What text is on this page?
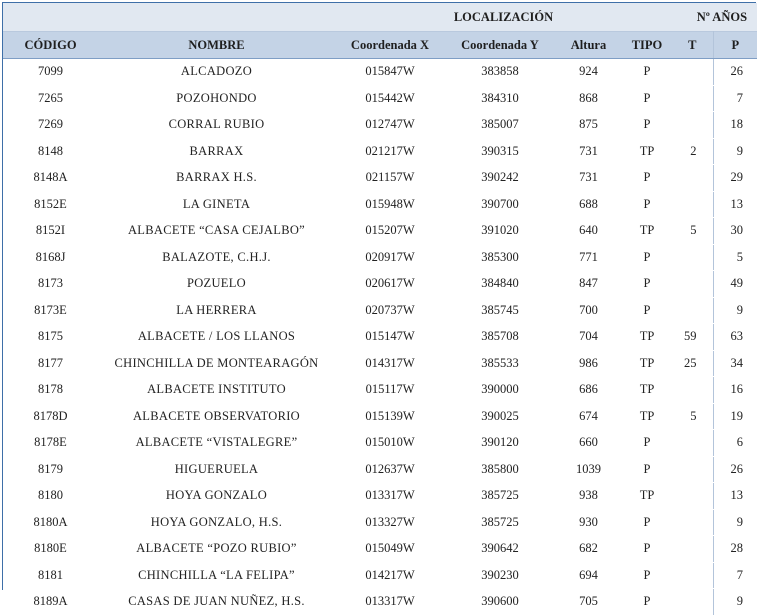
		LOCALIZACIÓN				Nº AÑOS	
CÓDIGO	NOMBRE	Coordenada X	Coordenada Y	Altura	TIPO	T	P
7099	ALCADOZO	015847W	383858	924	P		26
7265	POZOHONDO	015442W	384310	868	P		7
7269	CORRAL RUBIO	012747W	385007	875	P		18
8148	BARRAX	021217W	390315	731	TP	2	9
8148A	BARRAX H.S.	021157W	390242	731	P		29
8152E	LA GINETA	015948W	390700	688	P		13
8152I	ALBACETE “CASA CEJALBO”	015207W	391020	640	TP	5	30
8168J	BALAZOTE, C.H.J.	020917W	385300	771	P		5
8173	POZUELO	020617W	384840	847	P		49
8173E	LA HERRERA	020737W	385745	700	P		9
8175	ALBACETE / LOS LLANOS	015147W	385708	704	TP	59	63
8177	CHINCHILLA DE MONTEARAGÓN	014317W	385533	986	TP	25	34
8178	ALBACETE INSTITUTO	015117W	390000	686	TP		16
8178D	ALBACETE OBSERVATORIO	015139W	390025	674	TP	5	19
8178E	ALBACETE “VISTALEGRE”	015010W	390120	660	P		6
8179	HIGUERUELA	012637W	385800	1039	P		26
8180	HOYA GONZALO	013317W	385725	938	TP		13
8180A	HOYA GONZALO, H.S.	013327W	385725	930	P		9
8180E	ALBACETE “POZO RUBIO”	015049W	390642	682	P		28
8181	CHINCHILLA “LA FELIPA”	014217W	390230	694	P		7
8189A	CASAS DE JUAN NUÑEZ, H.S.	013317W	390600	705	P		9
